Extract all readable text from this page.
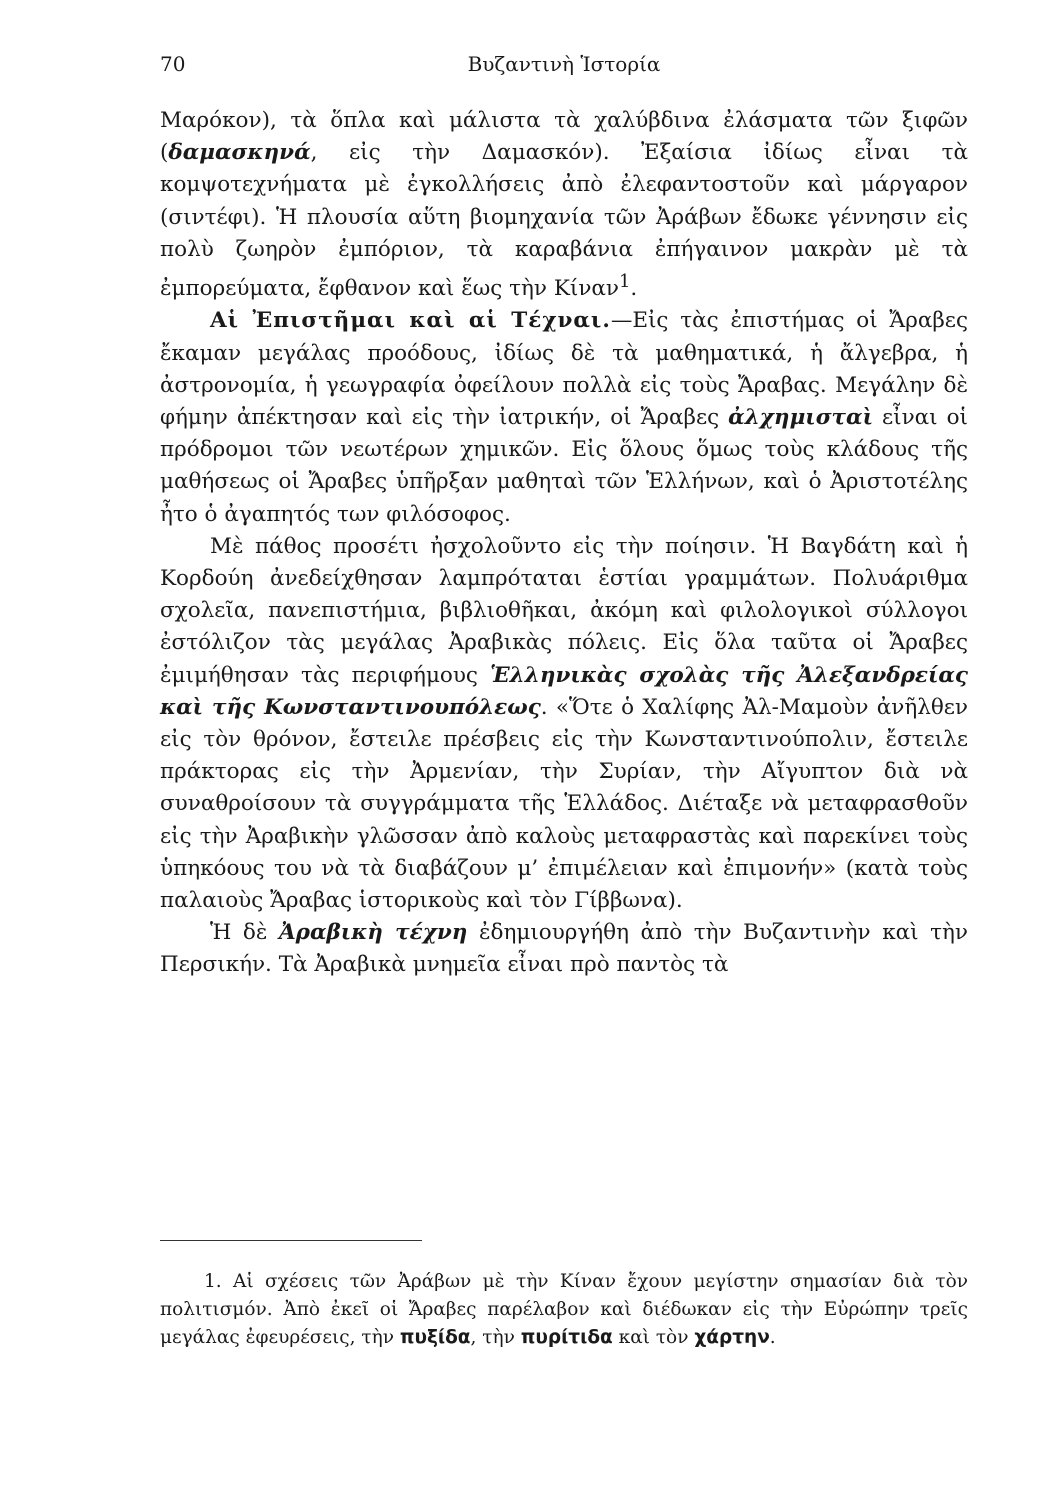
70	Βυζαντινὴ Ἱστορία

Μαρόκον), τὰ ὅπλα καὶ μάλιστα τὰ χαλύβδινα ἐλάσματα τῶν ξιφῶν (δαμασκηνά, εἰς τὴν Δαμασκόν). Ἐξαίσια ἰδίως εἶναι τὰ κομψοτεχνήματα μὲ ἐγκολλήσεις ἀπὸ ἐλεφαντοστοῦν καὶ μάργαρον (σιντέφι). Ἡ πλουσία αὕτη βιομηχανία τῶν Ἀράβων ἔδωκε γέννησιν εἰς πολὺ ζωηρὸν ἐμπόριον, τὰ καραβάνια ἐπήγαινον μακρὰν μὲ τὰ ἐμπορεύματα, ἔφθανον καὶ ἕως τὴν Κίναν$^1$.

Αἱ Ἐπιστῆμαι καὶ αἱ Τέχναι.—Εἰς τὰς ἐπιστήμας οἱ Ἄραβες ἔκαμαν μεγάλας προόδους, ἰδίως δὲ τὰ μαθηματικά, ἡ ἄλγεβρα, ἡ ἀστρονομία, ἡ γεωγραφία ὀφείλουν πολλὰ εἰς τοὺς Ἄραβας. Μεγάλην δὲ φήμην ἀπέκτησαν καὶ εἰς τὴν ἰατρικήν, οἱ Ἄραβες ἀλχημισταὶ εἶναι οἱ πρόδρομοι τῶν νεωτέρων χημικῶν. Εἰς ὅλους ὅμως τοὺς κλάδους τῆς μαθήσεως οἱ Ἄραβες ὑπῆρξαν μαθηταὶ τῶν Ἑλλήνων, καὶ ὁ Ἀριστοτέλης ἦτο ὁ ἀγαπητός των φιλόσοφος.

Μὲ πάθος προσέτι ἠσχολοῦντο εἰς τὴν ποίησιν. Ἡ Βαγδάτη καὶ ἡ Κορδούη ἀνεδείχθησαν λαμπρόταται ἑστίαι γραμμάτων. Πολυάριθμα σχολεῖα, πανεπιστήμια, βιβλιοθῆκαι, ἀκόμη καὶ φιλολογικοὶ σύλλογοι ἐστόλιζον τὰς μεγάλας Ἀραβικὰς πόλεις. Εἰς ὅλα ταῦτα οἱ Ἄραβες ἐμιμήθησαν τὰς περιφήμους Ἑλληνικὰς σχολὰς τῆς Ἀλεξανδρείας καὶ τῆς Κωνσταντινουπόλεως. «Ὅτε ὁ Χαλίφης Ἀλ-Μαμοὺν ἀνῆλθεν εἰς τὸν θρόνον, ἔστειλε πρέσβεις εἰς τὴν Κωνσταντινούπολιν, ἔστειλε πράκτορας εἰς τὴν Ἀρμενίαν, τὴν Συρίαν, τὴν Αἴγυπτον διὰ νὰ συναθροίσουν τὰ συγγράμματα τῆς Ἑλλάδος. Διέταξε νὰ μεταφρασθοῦν εἰς τὴν Ἀραβικὴν γλῶσσαν ἀπὸ καλοὺς μεταφραστὰς καὶ παρεκίνει τοὺς ὑπηκόους του νὰ τὰ διαβάζουν μ’ ἐπιμέλειαν καὶ ἐπιμονήν» (κατὰ τοὺς παλαιοὺς Ἄραβας ἱστορικοὺς καὶ τὸν Γίββωνα).

Ἡ δὲ Ἀραβικὴ τέχνη ἐδημιουργήθη ἀπὸ τὴν Βυζαντινὴν καὶ τὴν Περσικήν. Τὰ Ἀραβικὰ μνημεῖα εἶναι πρὸ παντὸς τὰ

1. Αἱ σχέσεις τῶν Ἀράβων μὲ τὴν Κίναν ἔχουν μεγίστην σημασίαν διὰ τὸν πολιτισμόν. Ἀπὸ ἐκεῖ οἱ Ἄραβες παρέλαβον καὶ διέδωκαν εἰς τὴν Εὐρώπην τρεῖς μεγάλας ἐφευρέσεις, τὴν πυξίδα, τὴν πυρίτιδα καὶ τὸν χάρτην.
